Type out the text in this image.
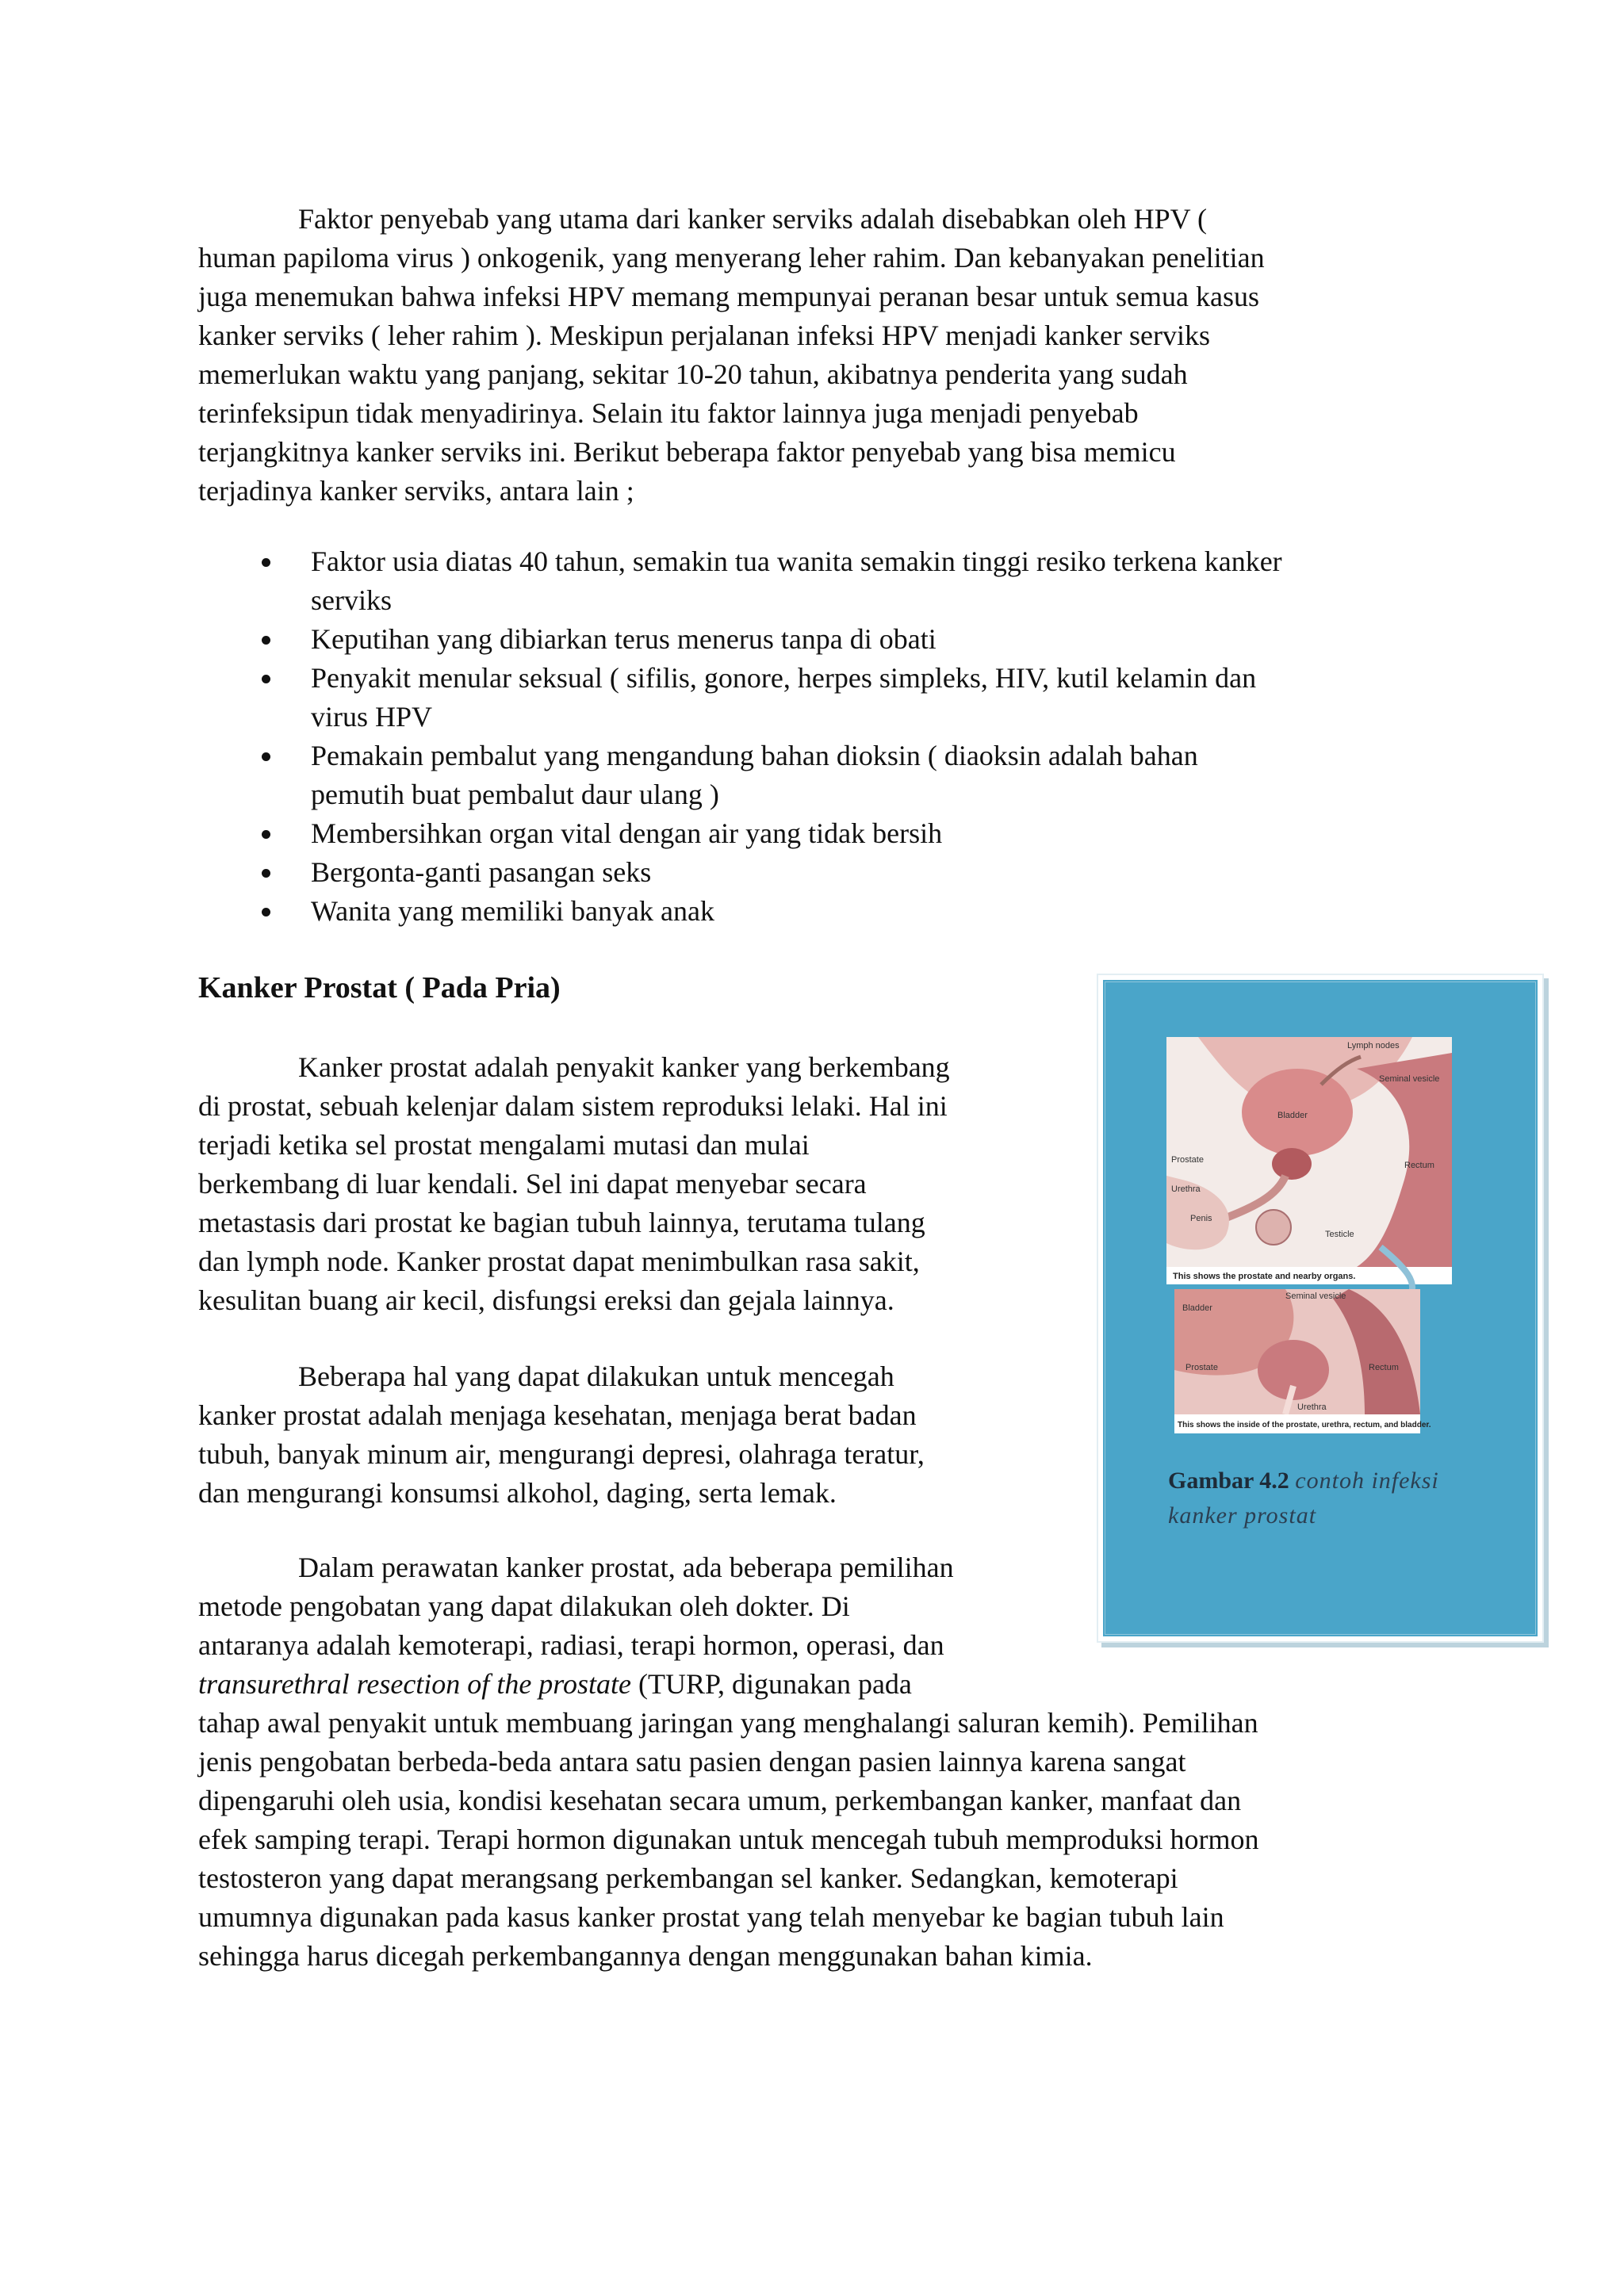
Faktor penyebab yang utama dari kanker serviks adalah disebabkan oleh HPV (
human papiloma virus ) onkogenik, yang menyerang leher rahim. Dan kebanyakan penelitian
juga menemukan bahwa infeksi HPV memang mempunyai peranan besar untuk semua kasus
kanker serviks ( leher rahim ). Meskipun perjalanan infeksi HPV menjadi kanker serviks
memerlukan waktu yang panjang, sekitar 10-20 tahun, akibatnya penderita yang sudah
terinfeksipun tidak menyadirinya. Selain itu faktor lainnya juga menjadi penyebab
terjangkitnya kanker serviks ini. Berikut beberapa faktor penyebab yang bisa memicu
terjadinya kanker serviks, antara lain ;
Faktor usia diatas 40 tahun, semakin tua wanita semakin tinggi resiko terkena kanker
serviks
Keputihan yang dibiarkan terus menerus tanpa di obati
Penyakit menular seksual ( sifilis, gonore, herpes simpleks, HIV, kutil kelamin dan
virus HPV
Pemakain pembalut yang mengandung bahan dioksin ( diaoksin adalah bahan
pemutih buat pembalut daur ulang )
Membersihkan organ vital dengan air yang tidak bersih
Bergonta-ganti pasangan seks
Wanita yang memiliki banyak anak
Kanker Prostat ( Pada Pria)
Kanker prostat adalah penyakit kanker yang berkembang
di prostat, sebuah kelenjar dalam sistem reproduksi lelaki. Hal ini
terjadi ketika sel prostat mengalami mutasi dan mulai
berkembang di luar kendali. Sel ini dapat menyebar secara
metastasis dari prostat ke bagian tubuh lainnya, terutama tulang
dan lymph node. Kanker prostat dapat menimbulkan rasa sakit,
kesulitan buang air kecil, disfungsi ereksi dan gejala lainnya.
Beberapa hal yang dapat dilakukan untuk mencegah
kanker prostat adalah menjaga kesehatan, menjaga berat badan
tubuh, banyak minum air, mengurangi depresi, olahraga teratur,
dan mengurangi konsumsi alkohol, daging, serta lemak.
Dalam perawatan kanker prostat, ada beberapa pemilihan
metode pengobatan yang dapat dilakukan oleh dokter. Di
antaranya adalah kemoterapi, radiasi, terapi hormon, operasi, dan
transurethral resection of the prostate (TURP, digunakan pada
tahap awal penyakit untuk membuang jaringan yang menghalangi saluran kemih). Pemilihan
jenis pengobatan berbeda-beda antara satu pasien dengan pasien lainnya karena sangat
dipengaruhi oleh usia, kondisi kesehatan secara umum, perkembangan kanker, manfaat dan
efek samping terapi. Terapi hormon digunakan untuk mencegah tubuh memproduksi hormon
testosteron yang dapat merangsang perkembangan sel kanker. Sedangkan, kemoterapi
umumnya digunakan pada kasus kanker prostat yang telah menyebar ke bagian tubuh lain
sehingga harus dicegah perkembangannya dengan menggunakan bahan kimia.
Lymph nodes
Seminal vesicle
Bladder
Prostate
Rectum
Urethra
Penis
Testicle
This shows the prostate and nearby organs.
Bladder
Seminal vesicle
Prostate	Rectum
Urethra
This shows the inside of the prostate, urethra, rectum, and bladder.
Gambar 4.2 contoh infeksi
kanker prostat
